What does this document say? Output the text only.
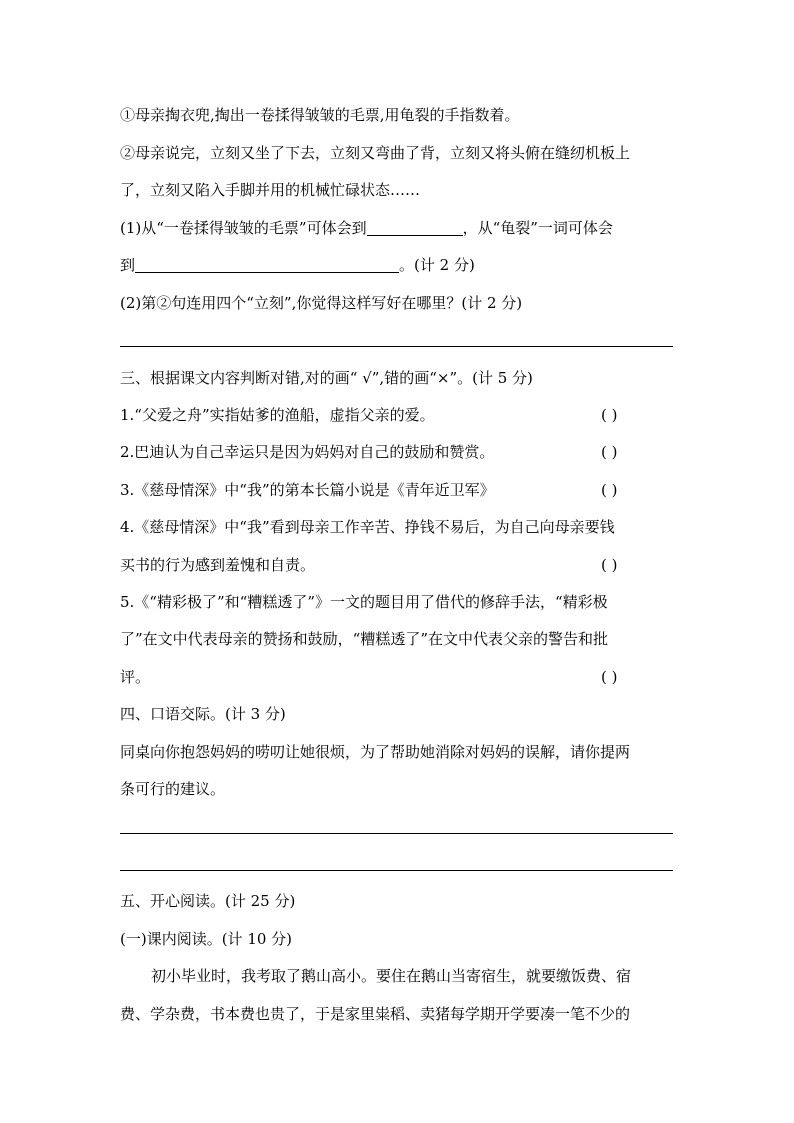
①母亲掏衣兜,掏出一卷揉得皱皱的毛票,用龟裂的手指数着。
②母亲说完，立刻又坐了下去，立刻又弯曲了背，立刻又将头俯在缝纫机板上
了，立刻又陷入手脚并用的机械忙碌状态……
(1)从“一卷揉得皱皱的毛票”可体会到	，从“龟裂”一词可体会
到	。(计 2 分)
(2)第②句连用四个“立刻”,你觉得这样写好在哪里？(计 2 分)
三、根据课文内容判断对错,对的画“ √”,错的画“×”。(计 5 分)
1.“父爱之舟”实指姑爹的渔船，虚指父亲的爱。	( )
2.巴迪认为自己幸运只是因为妈妈对自己的鼓励和赞赏。	( )
3.《慈母情深》中“我”的第本长篇小说是《青年近卫军》	( )
4.《慈母情深》中“我”看到母亲工作辛苦、挣钱不易后，为自己向母亲要钱
买书的行为感到羞愧和自责。	( )
5.《“精彩极了”和“糟糕透了”》一文的题目用了借代的修辞手法，“精彩极
了”在文中代表母亲的赞扬和鼓励，“糟糕透了”在文中代表父亲的警告和批
评。	( )
四、口语交际。(计 3 分)
同桌向你抱怨妈妈的唠叨让她很烦，为了帮助她消除对妈妈的误解，请你提两
条可行的建议。
五、开心阅读。(计 25 分)
(一)课内阅读。(计 10 分)
初小毕业时，我考取了鹅山高小。要住在鹅山当寄宿生，就要缴饭费、宿
费、学杂费，书本费也贵了，于是家里粜稻、卖猪每学期开学要凑一笔不少的
